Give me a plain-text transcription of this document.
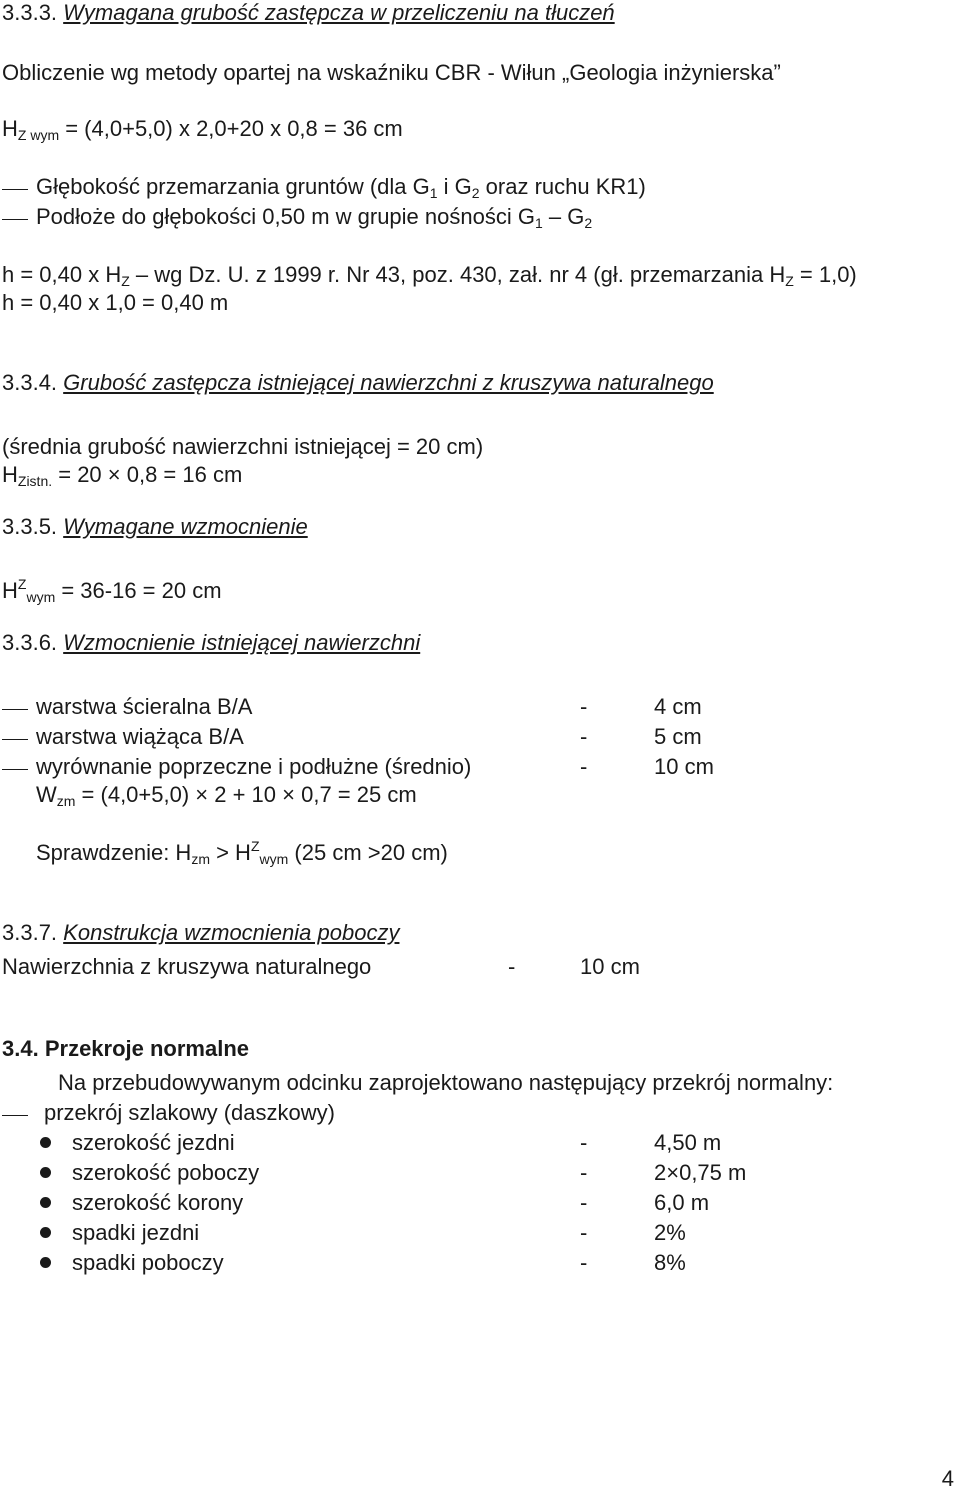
3.3.3. Wymagana grubość zastępcza w przeliczeniu na tłuczeń
Obliczenie wg metody opartej na wskaźniku CBR - Wiłun „Geologia inżynierska”
$H_{Z wym} = (4,0+5,0)$ x 2,0+20 x 0,8 = 36 cm
Głębokość przemarzania gruntów (dla $G_1$ i $G_2$ oraz ruchu KR1)
Podłoże do głębokości 0,50 m w grupie nośności $G_1 - G_2$
h = 0,40 x $H_Z$ – wg Dz. U. z 1999 r. Nr 43, poz. 430, zał. nr 4 (gł. przemarzania $H_Z = 1,0$)
h = 0,40 x 1,0 = 0,40 m
3.3.4. Grubość zastępcza istniejącej nawierzchni z kruszywa naturalnego
(średnia grubość nawierzchni istniejącej = 20 cm)
$H_{Zistn.} = 20 \times 0,8 = 16$ cm
3.3.5. Wymagane wzmocnienie
$H^Z_{wym} = 36-16 = 20$ cm
3.3.6. Wzmocnienie istniejącej nawierzchni
warstwa ścieralna B/A	-	4 cm
warstwa wiążąca B/A	-	5 cm
wyrównanie poprzeczne i podłużne (średnio)	-	10 cm
$W_{zm} = (4,0+5,0) \times 2 + 10 \times 0,7 = 25$ cm
Sprawdzenie: $H_{zm} > H^Z_{wym}$ (25 cm >20 cm)
3.3.7. Konstrukcja wzmocnienia poboczy
Nawierzchnia z kruszywa naturalnego	-	10 cm
3.4. Przekroje normalne
Na przebudowywanym odcinku zaprojektowano następujący przekrój normalny:
przekrój szlakowy (daszkowy)
szerokość jezdni	-	4,50 m
szerokość poboczy	-	2×0,75 m
szerokość korony	-	6,0 m
spadki jezdni	-	2%
spadki poboczy	-	8%
4
